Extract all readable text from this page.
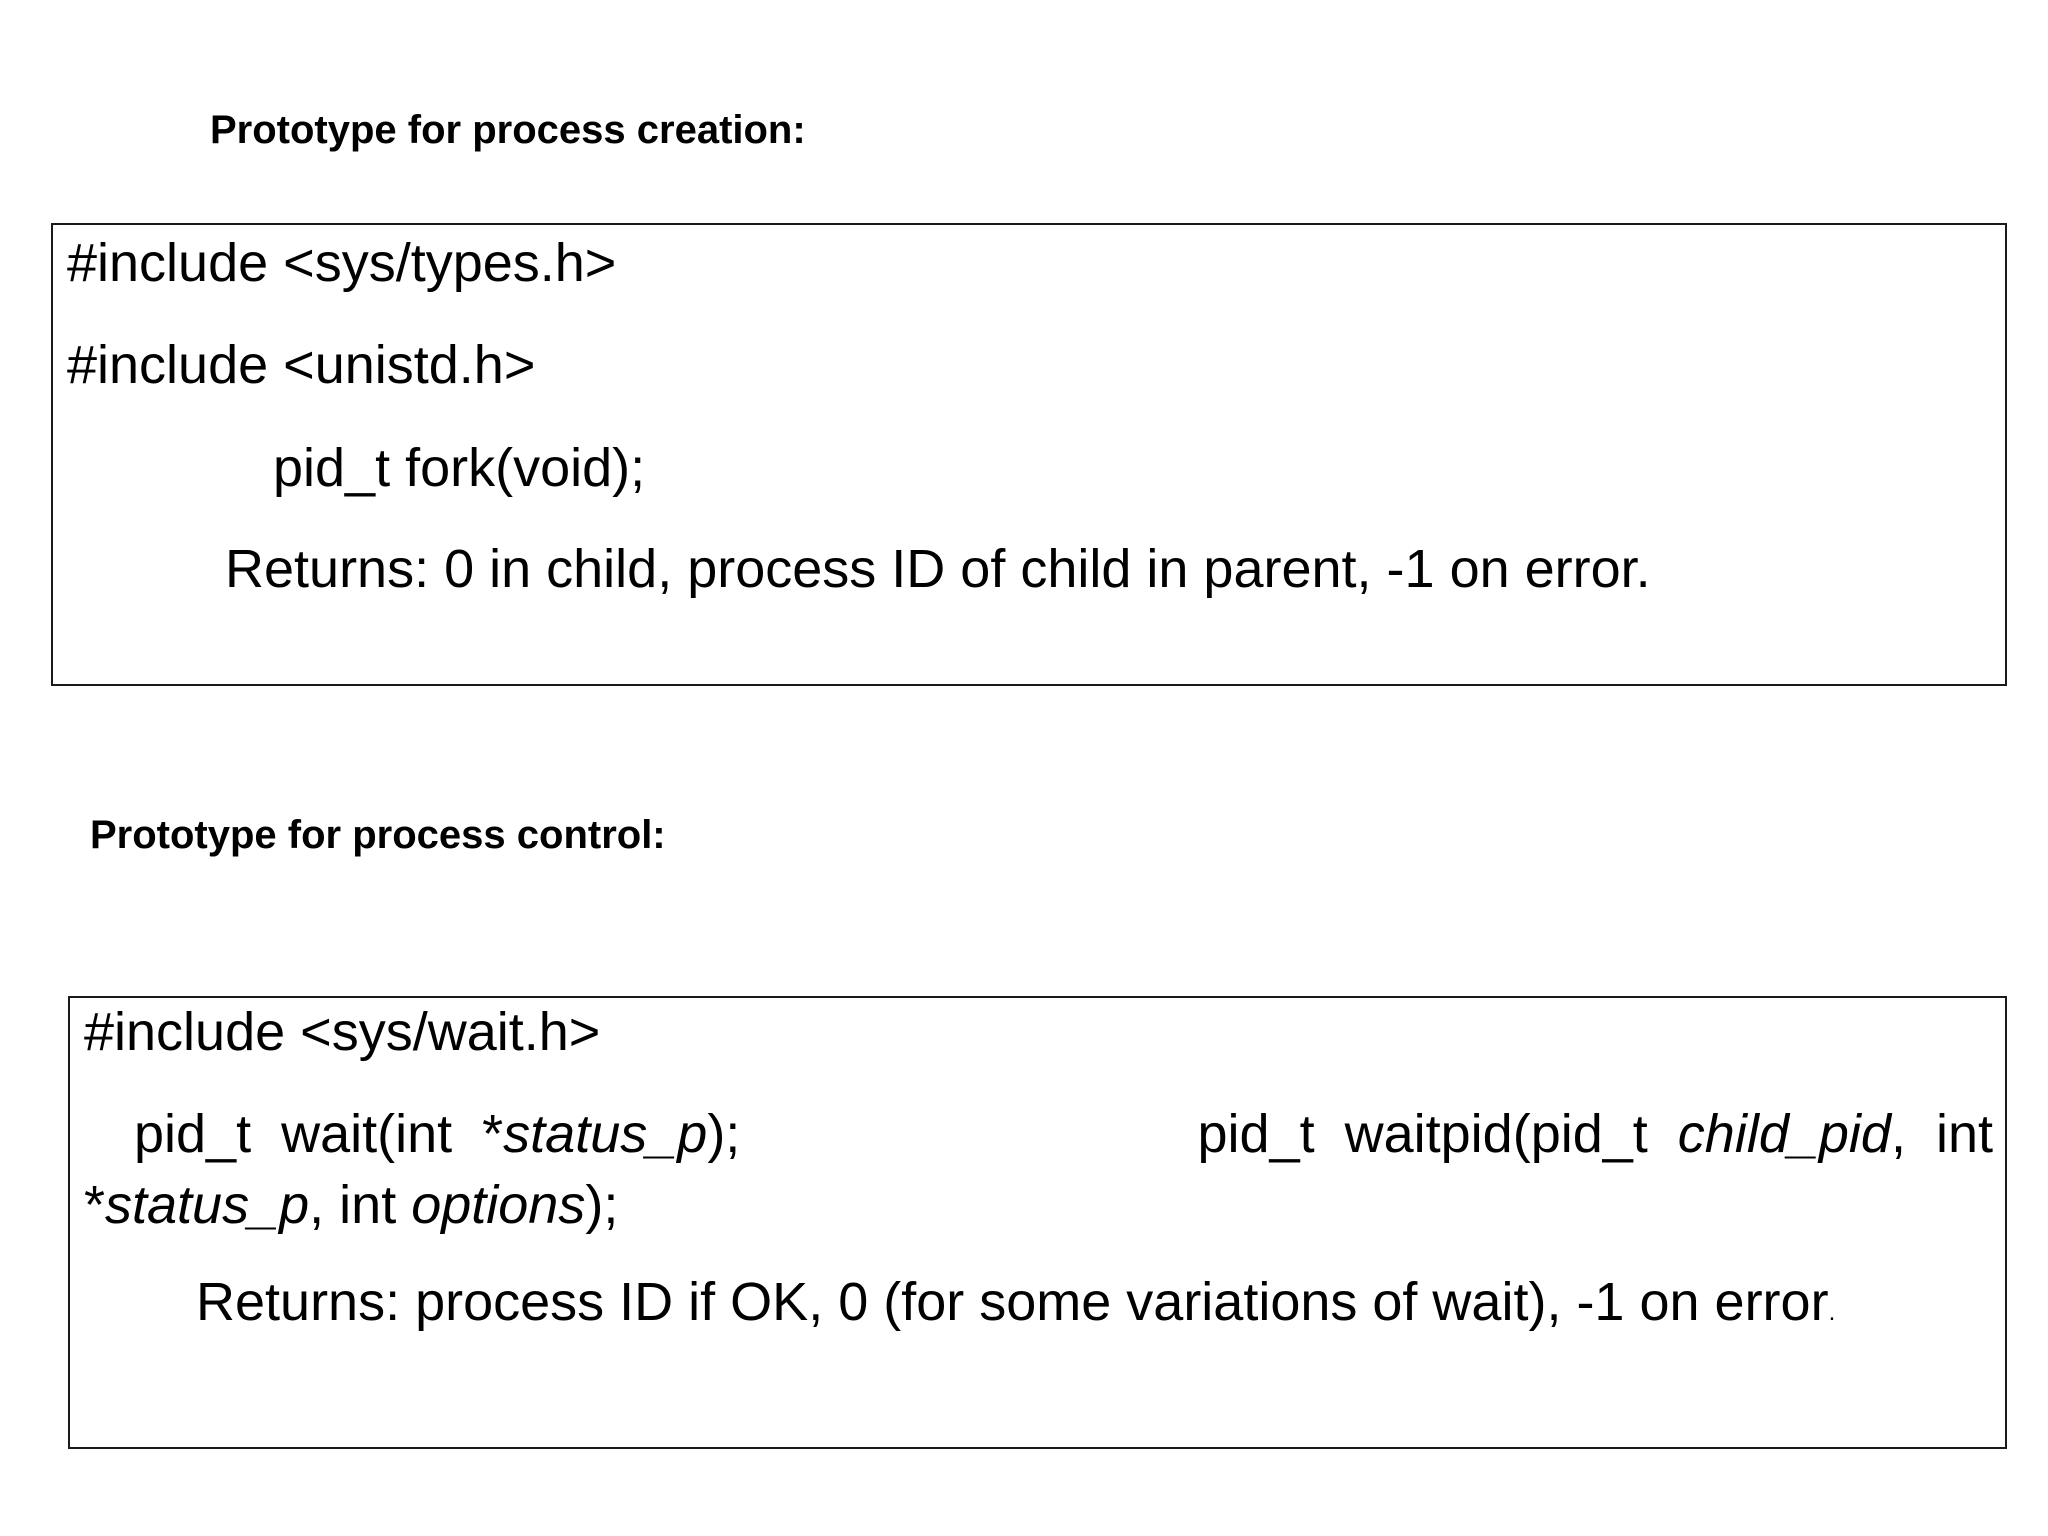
Prototype for process creation:
#include <sys/types.h>
#include <unistd.h>
pid_t fork(void);
Returns: 0 in child, process ID of child in parent, -1 on error.
Prototype for process control:
#include <sys/wait.h>
pid_t  wait(int  *status_p);	pid_t  waitpid(pid_t  child_pid,  int
*status_p, int options);
Returns: process ID if OK, 0 (for some variations of wait), -1 on error.
